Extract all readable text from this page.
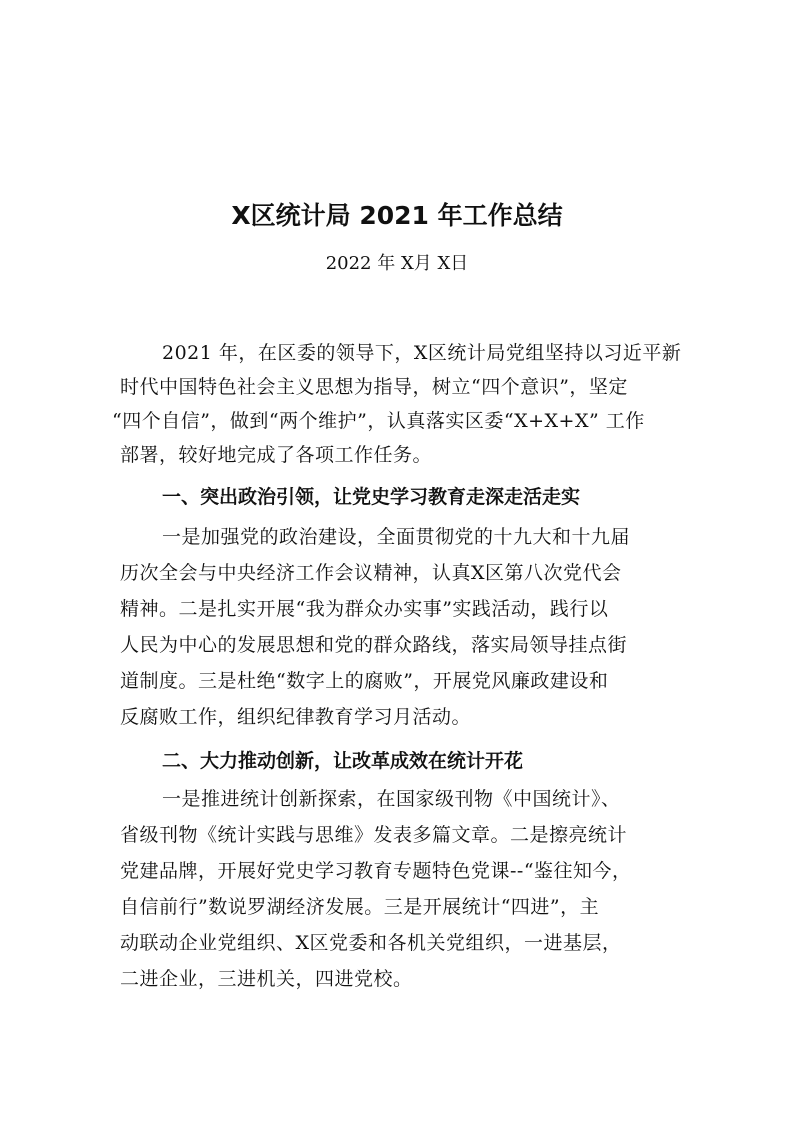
X区统计局 2021 年工作总结
2022 年 X月 X日
2021 年，在区委的领导下，X区统计局党组坚持以习近平新
时代中国特色社会主义思想为指导，树立“四个意识”，坚定
“四个自信”，做到“两个维护”，认真落实区委“X+X+X” 工作
部署，较好地完成了各项工作任务。
一、突出政治引领，让党史学习教育走深走活走实
一是加强党的政治建设，全面贯彻党的十九大和十九届
历次全会与中央经济工作会议精神，认真X区第八次党代会
精神。二是扎实开展“我为群众办实事”实践活动，践行以
人民为中心的发展思想和党的群众路线，落实局领导挂点街
道制度。三是杜绝“数字上的腐败”，开展党风廉政建设和
反腐败工作，组织纪律教育学习月活动。
二、大力推动创新，让改革成效在统计开花
一是推进统计创新探索，在国家级刊物《中国统计》、
省级刊物《统计实践与思维》发表多篇文章。二是擦亮统计
党建品牌，开展好党史学习教育专题特色党课--“鉴往知今，
自信前行”数说罗湖经济发展。三是开展统计“四进”，主
动联动企业党组织、X区党委和各机关党组织，一进基层，
二进企业，三进机关，四进党校。
